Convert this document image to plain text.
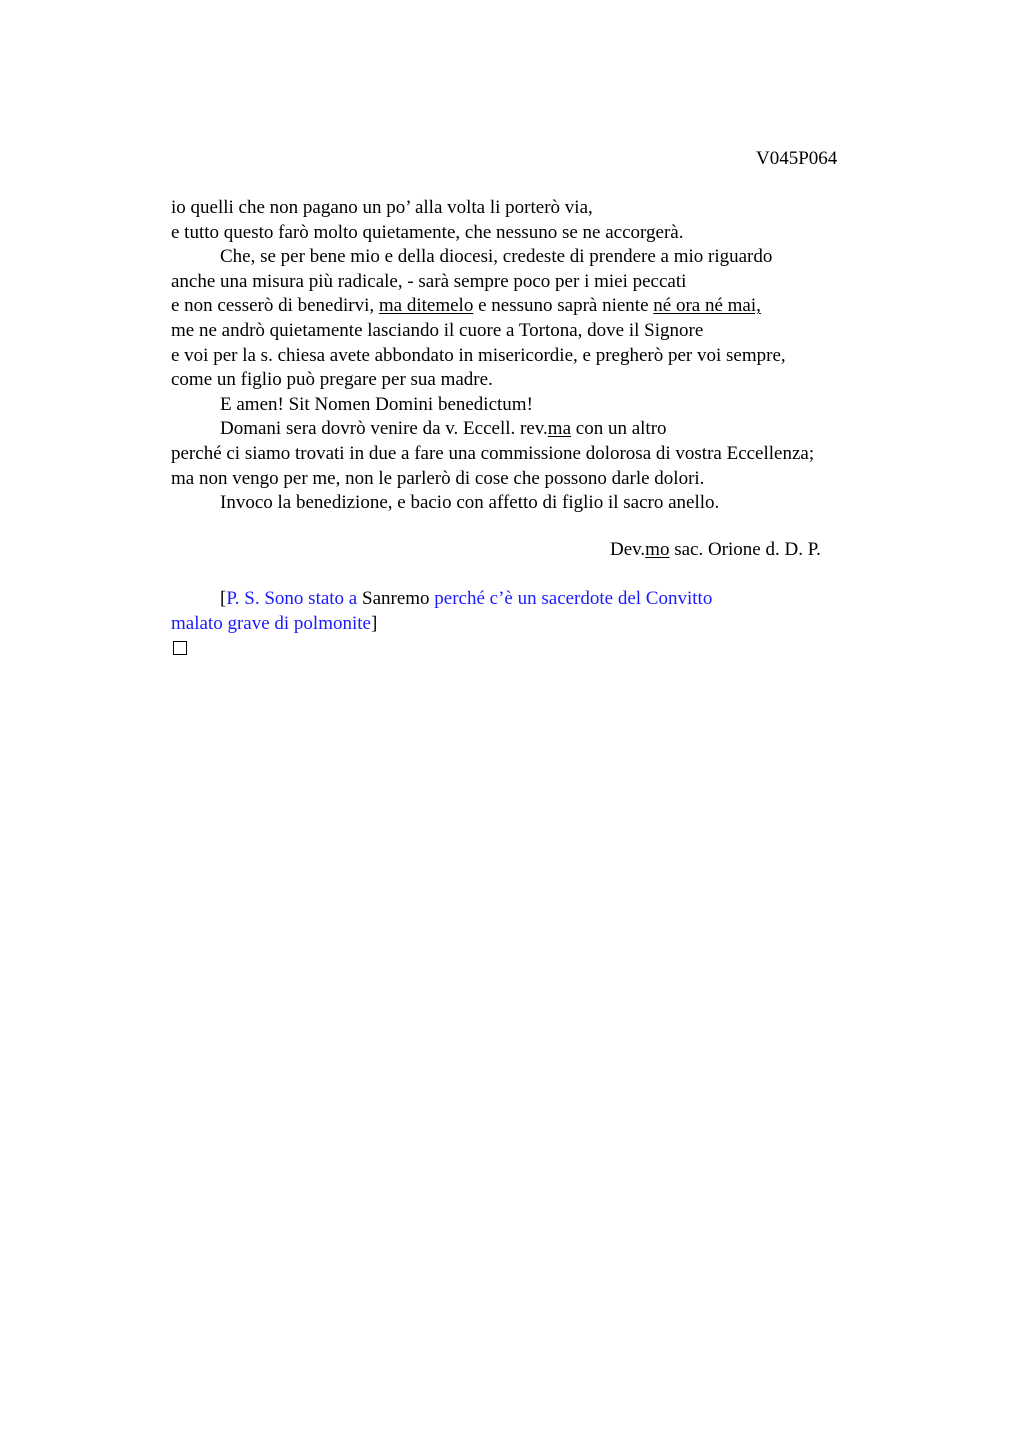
V045P064
io quelli che non pagano un po’ alla volta li porterò via,
e tutto questo farò molto quietamente, che nessuno se ne accorgerà.
Che, se per bene mio e della diocesi, credeste di prendere a mio riguardo
anche una misura più radicale, - sarà sempre poco per i miei peccati
e non cesserò di benedirvi, ma ditemelo e nessuno saprà niente né ora né mai,
me ne andrò quietamente lasciando il cuore a Tortona, dove il Signore
e voi per la s. chiesa avete abbondato in misericordie, e pregherò per voi sempre,
come un figlio può pregare per sua madre.
E amen! Sit Nomen Domini benedictum!
Domani sera dovrò venire da v. Eccell. rev.ma con un altro
perché ci siamo trovati in due a fare una commissione dolorosa di vostra Eccellenza;
ma non vengo per me, non le parlerò di cose che possono darle dolori.
Invoco la benedizione, e bacio con affetto di figlio il sacro anello.
Dev.mo sac. Orione d. D. P.
[P. S. Sono stato a Sanremo perché c’è un sacerdote del Convitto
malato grave di polmonite]
